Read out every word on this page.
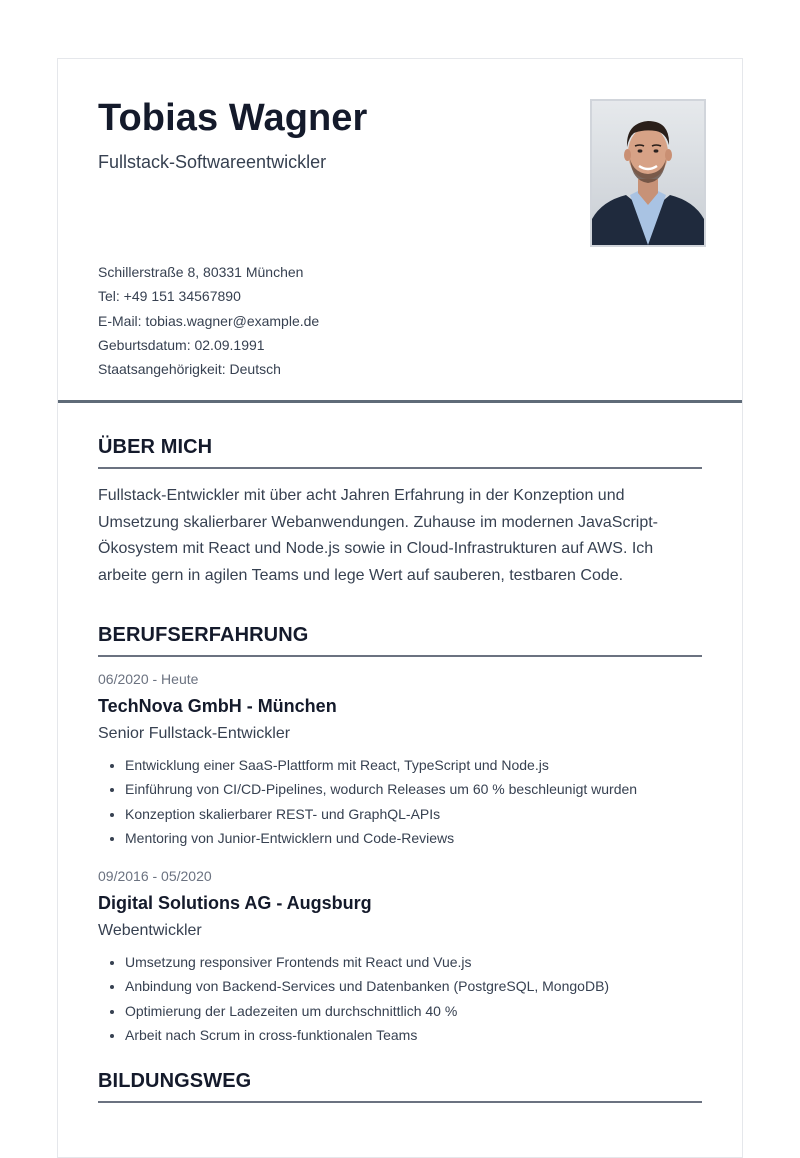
Tobias Wagner
Fullstack-Softwareentwickler
Schillerstraße 8, 80331 München
Tel: +49 151 34567890
E-Mail: tobias.wagner@example.de
Geburtsdatum: 02.09.1991
Staatsangehörigkeit: Deutsch
ÜBER MICH
Fullstack-Entwickler mit über acht Jahren Erfahrung in der Konzeption und Umsetzung skalierbarer Webanwendungen. Zuhause im modernen JavaScript-Ökosystem mit React und Node.js sowie in Cloud-Infrastrukturen auf AWS. Ich arbeite gern in agilen Teams und lege Wert auf sauberen, testbaren Code.
BERUFSERFAHRUNG
06/2020 - Heute
TechNova GmbH - München
Senior Fullstack-Entwickler
• Entwicklung einer SaaS-Plattform mit React, TypeScript und Node.js
• Einführung von CI/CD-Pipelines, wodurch Releases um 60 % beschleunigt wurden
• Konzeption skalierbarer REST- und GraphQL-APIs
• Mentoring von Junior-Entwicklern und Code-Reviews
09/2016 - 05/2020
Digital Solutions AG - Augsburg
Webentwickler
• Umsetzung responsiver Frontends mit React und Vue.js
• Anbindung von Backend-Services und Datenbanken (PostgreSQL, MongoDB)
• Optimierung der Ladezeiten um durchschnittlich 40 %
• Arbeit nach Scrum in cross-funktionalen Teams
BILDUNGSWEG
